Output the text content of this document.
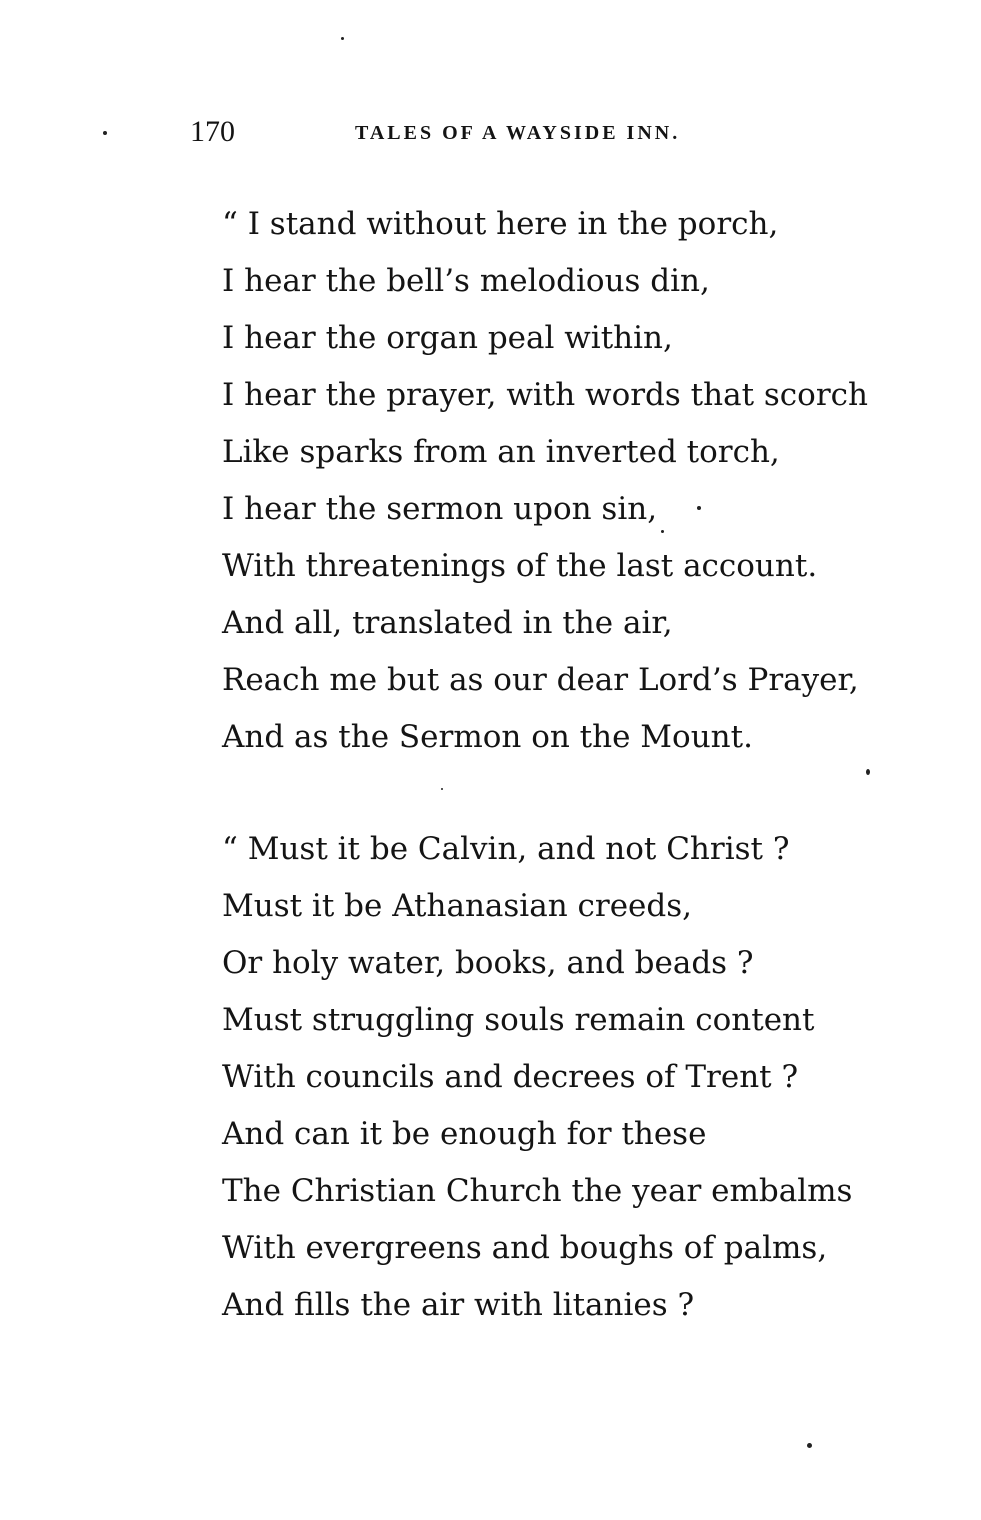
170	TALES OF A WAYSIDE INN.
“ I stand without here in the porch,
I hear the bell’s melodious din,
I hear the organ peal within,
I hear the prayer, with words that scorch
Like sparks from an inverted torch,
I hear the sermon upon sin,
With threatenings of the last account.
And all, translated in the air,
Reach me but as our dear Lord’s Prayer,
And as the Sermon on the Mount.
“ Must it be Calvin, and not Christ ?
Must it be Athanasian creeds,
Or holy water, books, and beads ?
Must struggling souls remain content
With councils and decrees of Trent ?
And can it be enough for these
The Christian Church the year embalms
With evergreens and boughs of palms,
And fills the air with litanies ?
